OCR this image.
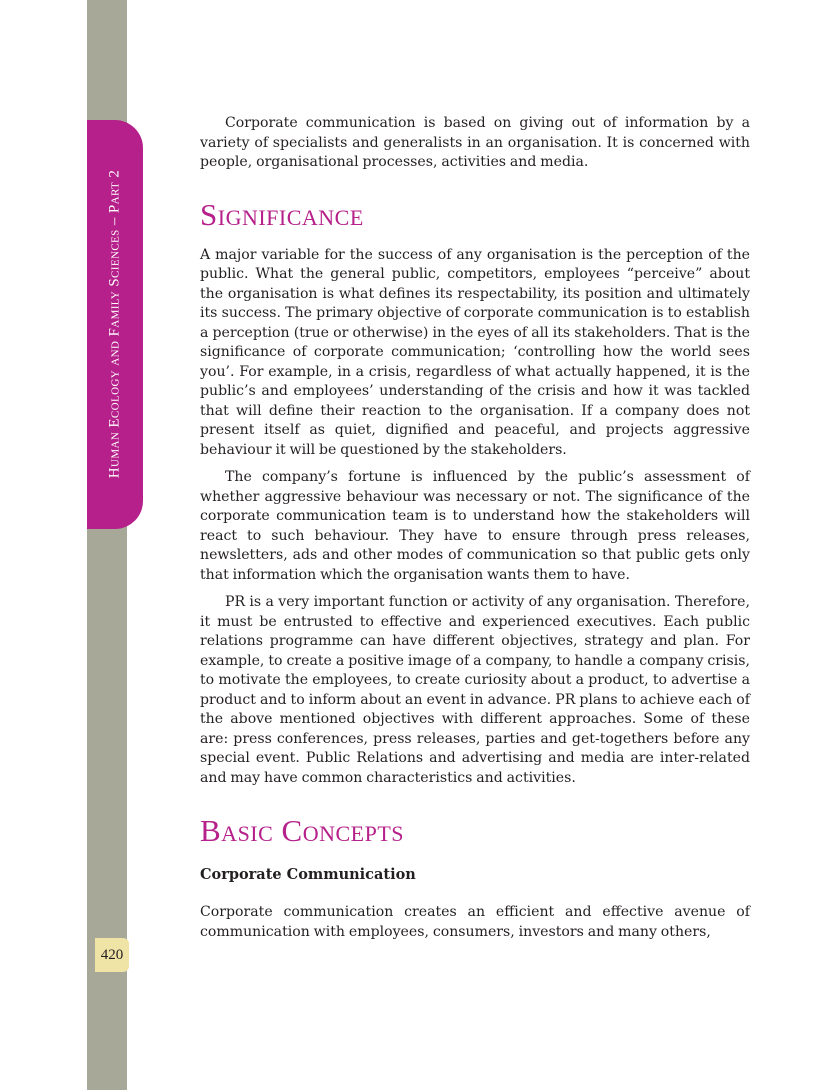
Human Ecology and Family Sciences – Part 2
420

Corporate communication is based on giving out of information by a variety of specialists and generalists in an organisation. It is concerned with people, organisational processes, activities and media.

Significance

A major variable for the success of any organisation is the perception of the public. What the general public, competitors, employees “perceive” about the organisation is what defines its respectability, its position and ultimately its success. The primary objective of corporate communication is to establish a perception (true or otherwise) in the eyes of all its stakeholders. That is the significance of corporate communication; ‘controlling how the world sees you’. For example, in a crisis, regardless of what actually happened, it is the public’s and employees’ understanding of the crisis and how it was tackled that will define their reaction to the organisation. If a company does not present itself as quiet, dignified and peaceful, and projects aggressive behaviour it will be questioned by the stakeholders.

The company’s fortune is influenced by the public’s assessment of whether aggressive behaviour was necessary or not. The significance of the corporate communication team is to understand how the stakeholders will react to such behaviour. They have to ensure through press releases, newsletters, ads and other modes of communication so that public gets only that information which the organisation wants them to have.

PR is a very important function or activity of any organisation. Therefore, it must be entrusted to effective and experienced executives. Each public relations programme can have different objectives, strategy and plan. For example, to create a positive image of a company, to handle a company crisis, to motivate the employees, to create curiosity about a product, to advertise a product and to inform about an event in advance. PR plans to achieve each of the above mentioned objectives with different approaches. Some of these are: press conferences, press releases, parties and get-togethers before any special event. Public Relations and advertising and media are inter-related and may have common characteristics and activities.

Basic Concepts
Corporate Communication

Corporate communication creates an efficient and effective avenue of communication with employees, consumers, investors and many others,
